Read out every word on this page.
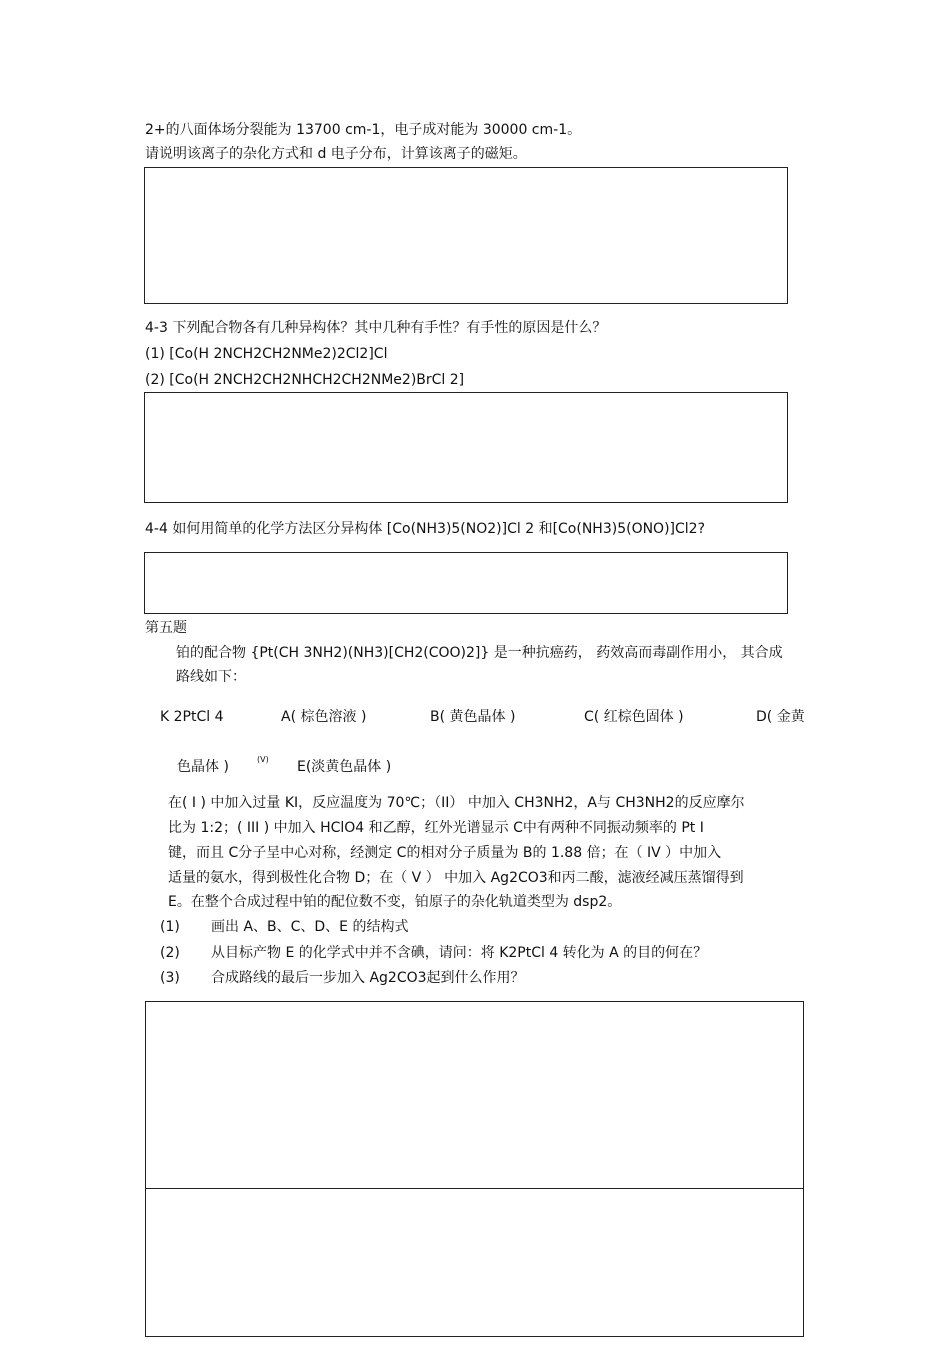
2+的八面体场分裂能为 13700 cm-1，电子成对能为 30000 cm-1。
请说明该离子的杂化方式和 d 电子分布，计算该离子的磁矩。
4-3 下列配合物各有几种异构体？其中几种有手性？有手性的原因是什么？
(1) [Co(H 2NCH2CH2NMe2)2Cl2]Cl
(2) [Co(H 2NCH2CH2NHCH2CH2NMe2)BrCl 2]
4-4 如何用简单的化学方法区分异构体 [Co(NH3)5(NO2)]Cl 2 和[Co(NH3)5(ONO)]Cl2?
第五题
铂的配合物 {Pt(CH 3NH2)(NH3)[CH2(COO)2]} 是一种抗癌药， 药效高而毒副作用小， 其合成
路线如下：
K 2PtCl 4	A( 棕色溶液 )	B( 黄色晶体 )	C( 红棕色固体 )	D( 金黄
色晶体 )	(V) E(淡黄色晶体 )
在( I ) 中加入过量 KI，反应温度为 70℃；（II） 中加入 CH3NH2，A与 CH3NH2的反应摩尔
比为 1:2；( III ) 中加入 HClO4 和乙醇，红外光谱显示 C中有两种不同振动频率的 Pt I
键，而且 C分子呈中心对称，经测定 C的相对分子质量为 B的 1.88 倍；在（ IV ）中加入
适量的氨水，得到极性化合物 D；在（ V ） 中加入 Ag2CO3和丙二酸，滤液经减压蒸馏得到
E。在整个合成过程中铂的配位数不变，铂原子的杂化轨道类型为 dsp2。
(1) 画出 A、B、C、D、E 的结构式
(2) 从目标产物 E 的化学式中并不含碘，请问：将 K2PtCl 4 转化为 A 的目的何在？
(3) 合成路线的最后一步加入 Ag2CO3起到什么作用？
